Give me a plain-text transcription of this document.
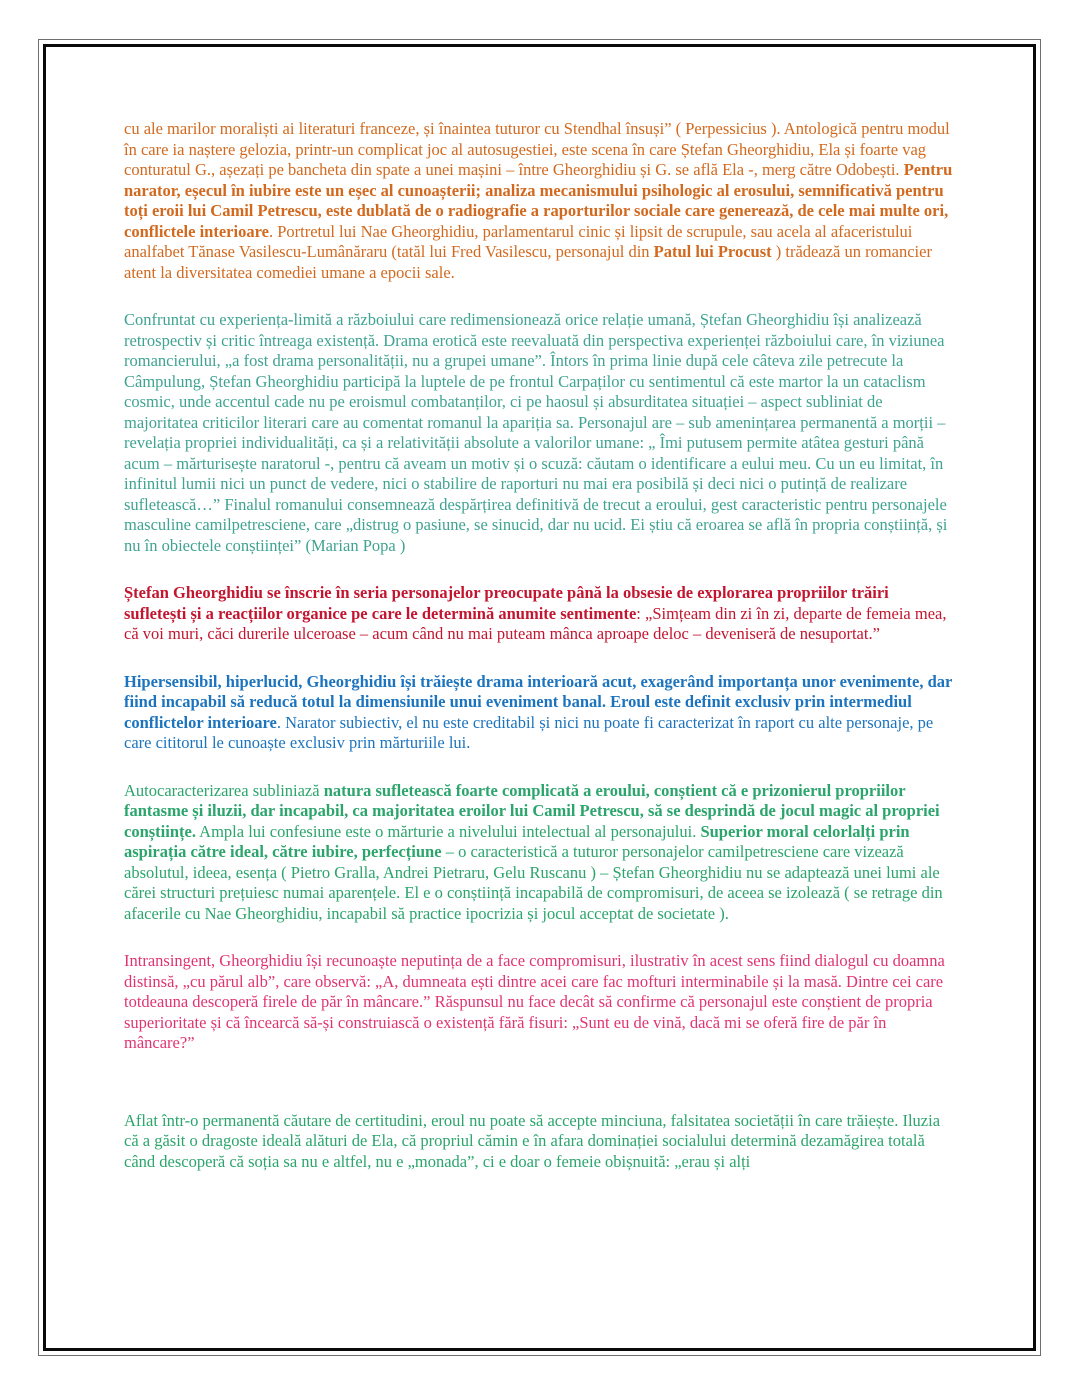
cu ale marilor moraliști ai literaturi franceze, și înaintea tuturor cu Stendhal însuși” ( Perpessicius ). Antologică pentru modul în care ia naștere gelozia, printr-un complicat joc al autosugestiei, este scena în care Ștefan Gheorghidiu, Ela și foarte vag conturatul G., așezați pe bancheta din spate a unei mașini – între Gheorghidiu și G. se află Ela -, merg către Odobești. Pentru narator, eșecul în iubire este un eșec al cunoașterii; analiza mecanismului psihologic al erosului, semnificativă pentru toți eroii lui Camil Petrescu, este dublată de o radiografie a raporturilor sociale care generează, de cele mai multe ori, conflictele interioare. Portretul lui Nae Gheorghidiu, parlamentarul cinic și lipsit de scrupule, sau acela al afaceristului analfabet Tănase Vasilescu-Lumânăraru (tatăl lui Fred Vasilescu, personajul din Patul lui Procust ) trădează un romancier atent la diversitatea comediei umane a epocii sale.

Confruntat cu experiența-limită a războiului care redimensionează orice relație umană, Ștefan Gheorghidiu își analizează retrospectiv și critic întreaga existență. Drama erotică este reevaluată din perspectiva experienței războiului care, în viziunea romancierului, „a fost drama personalității, nu a grupei umane”. Întors în prima linie după cele câteva zile petrecute la Câmpulung, Ștefan Gheorghidiu participă la luptele de pe frontul Carpaților cu sentimentul că este martor la un cataclism cosmic, unde accentul cade nu pe eroismul combatanților, ci pe haosul și absurditatea situației – aspect subliniat de majoritatea criticilor literari care au comentat romanul la apariția sa. Personajul are – sub amenințarea permanentă a morții – revelația propriei individualități, ca și a relativității absolute a valorilor umane: „ Îmi putusem permite atâtea gesturi până acum – mărturisește naratorul -, pentru că aveam un motiv și o scuză: căutam o identificare a eului meu. Cu un eu limitat, în infinitul lumii nici un punct de vedere, nici o stabilire de raporturi nu mai era posibilă și deci nici o putință de realizare sufletească…” Finalul romanului consemnează despărțirea definitivă de trecut a eroului, gest caracteristic pentru personajele masculine camilpetresciene, care „distrug o pasiune, se sinucid, dar nu ucid. Ei știu că eroarea se află în propria conștiință, și nu în obiectele conștiinței” (Marian Popa )

Ștefan Gheorghidiu se înscrie în seria personajelor preocupate până la obsesie de explorarea propriilor trăiri sufletești și a reacțiilor organice pe care le determină anumite sentimente: „Simțeam din zi în zi, departe de femeia mea, că voi muri, căci durerile ulceroase – acum când nu mai puteam mânca aproape deloc – deveniseră de nesuportat.”

Hipersensibil, hiperlucid, Gheorghidiu își trăiește drama interioară acut, exagerând importanța unor evenimente, dar fiind incapabil să reducă totul la dimensiunile unui eveniment banal. Eroul este definit exclusiv prin intermediul conflictelor interioare. Narator subiectiv, el nu este creditabil și nici nu poate fi caracterizat în raport cu alte personaje, pe care cititorul le cunoaște exclusiv prin mărturiile lui.

Autocaracterizarea subliniază natura sufletească foarte complicată a eroului, conștient că e prizonierul propriilor fantasme și iluzii, dar incapabil, ca majoritatea eroilor lui Camil Petrescu, să se desprindă de jocul magic al propriei conștiințe. Ampla lui confesiune este o mărturie a nivelului intelectual al personajului. Superior moral celorlalți prin aspirația către ideal, către iubire, perfecțiune – o caracteristică a tuturor personajelor camilpetresciene care vizează absolutul, ideea, esența ( Pietro Gralla, Andrei Pietraru, Gelu Ruscanu ) – Ștefan Gheorghidiu nu se adaptează unei lumi ale cărei structuri prețuiesc numai aparențele. El e o conștiință incapabilă de compromisuri, de aceea se izolează ( se retrage din afacerile cu Nae Gheorghidiu, incapabil să practice ipocrizia și jocul acceptat de societate ).

Intransingent, Gheorghidiu își recunoaște neputința de a face compromisuri, ilustrativ în acest sens fiind dialogul cu doamna distinsă, „cu părul alb”, care observă: „A, dumneata ești dintre acei care fac mofturi interminabile și la masă. Dintre cei care totdeauna descoperă firele de păr în mâncare.” Răspunsul nu face decât să confirme că personajul este conștient de propria superioritate și că încearcă să-și construiască o existență fără fisuri: „Sunt eu de vină, dacă mi se oferă fire de păr în mâncare?”

Aflat într-o permanentă căutare de certitudini, eroul nu poate să accepte minciuna, falsitatea societății în care trăiește. Iluzia că a găsit o dragoste ideală alături de Ela, că propriul cămin e în afara dominației socialului determină dezamăgirea totală când descoperă că soția sa nu e altfel, nu e „monada”, ci e doar o femeie obișnuită: „erau și alți
